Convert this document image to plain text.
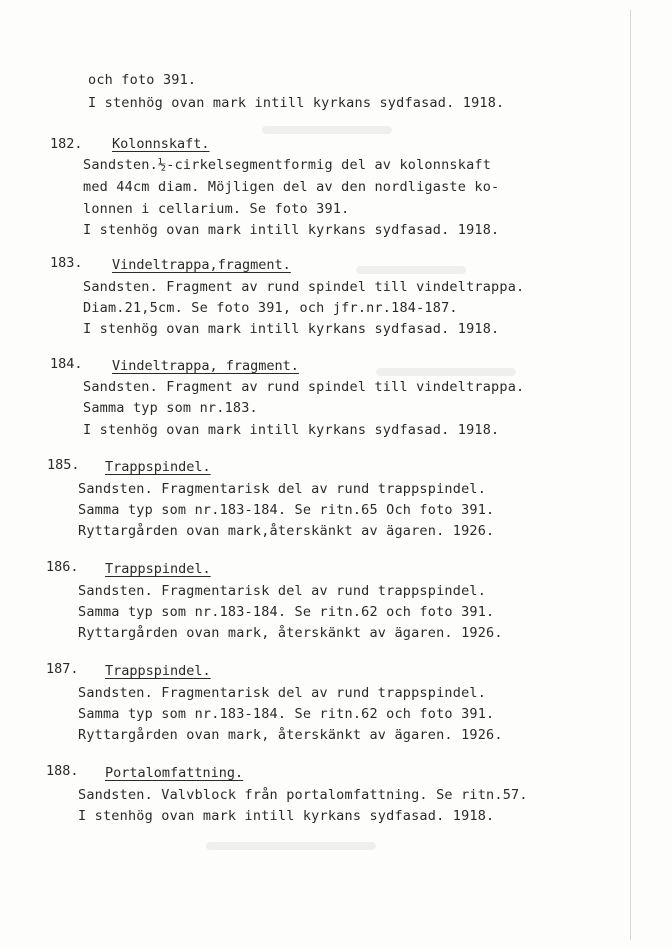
och foto 391.
I stenhög ovan mark intill kyrkans sydfasad. 1918.
182. Kolonnskaft.
Sandsten.½-cirkelsegmentformig del av kolonnskaft
med 44cm diam. Möjligen del av den nordligaste ko-
lonnen i cellarium. Se foto 391.
I stenhög ovan mark intill kyrkans sydfasad. 1918.
183. Vindeltrappa,fragment.
Sandsten. Fragment av rund spindel till vindeltrappa.
Diam.21,5cm. Se foto 391, och jfr.nr.184-187.
I stenhög ovan mark intill kyrkans sydfasad. 1918.
184. Vindeltrappa, fragment.
Sandsten. Fragment av rund spindel till vindeltrappa.
Samma typ som nr.183.
I stenhög ovan mark intill kyrkans sydfasad. 1918.
185. Trappspindel.
Sandsten. Fragmentarisk del av rund trappspindel.
Samma typ som nr.183-184. Se ritn.65 Och foto 391.
Ryttargården ovan mark,återskänkt av ägaren. 1926.
186. Trappspindel.
Sandsten. Fragmentarisk del av rund trappspindel.
Samma typ som nr.183-184. Se ritn.62 och foto 391.
Ryttargården ovan mark, återskänkt av ägaren. 1926.
187. Trappspindel.
Sandsten. Fragmentarisk del av rund trappspindel.
Samma typ som nr.183-184. Se ritn.62 och foto 391.
Ryttargården ovan mark, återskänkt av ägaren. 1926.
188. Portalomfattning.
Sandsten. Valvblock från portalomfattning. Se ritn.57.
I stenhög ovan mark intill kyrkans sydfasad. 1918.
